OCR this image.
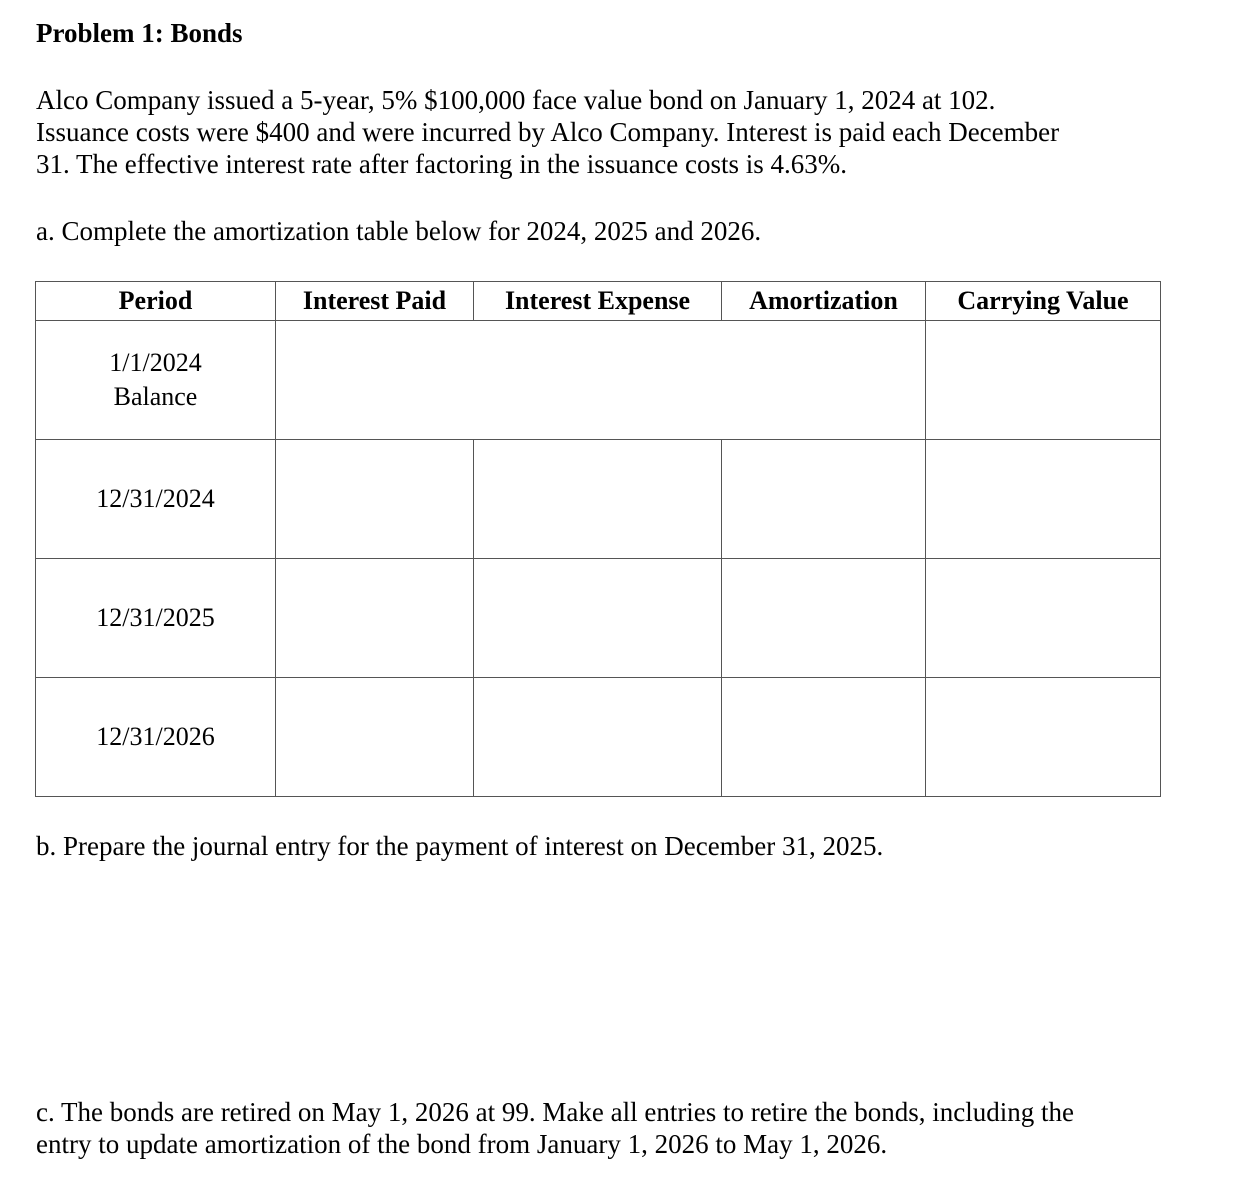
Problem 1: Bonds
Alco Company issued a 5-year, 5% $100,000 face value bond on January 1, 2024 at 102.
Issuance costs were $400 and were incurred by Alco Company. Interest is paid each December
31. The effective interest rate after factoring in the issuance costs is 4.63%.
a. Complete the amortization table below for 2024, 2025 and 2026.
Period	Interest Paid	Interest Expense	Amortization	Carrying Value

1/1/2024
Balance				

12/31/2024				

12/31/2025				

12/31/2026				

b. Prepare the journal entry for the payment of interest on December 31, 2025.
c. The bonds are retired on May 1, 2026 at 99. Make all entries to retire the bonds, including the
entry to update amortization of the bond from January 1, 2026 to May 1, 2026.
